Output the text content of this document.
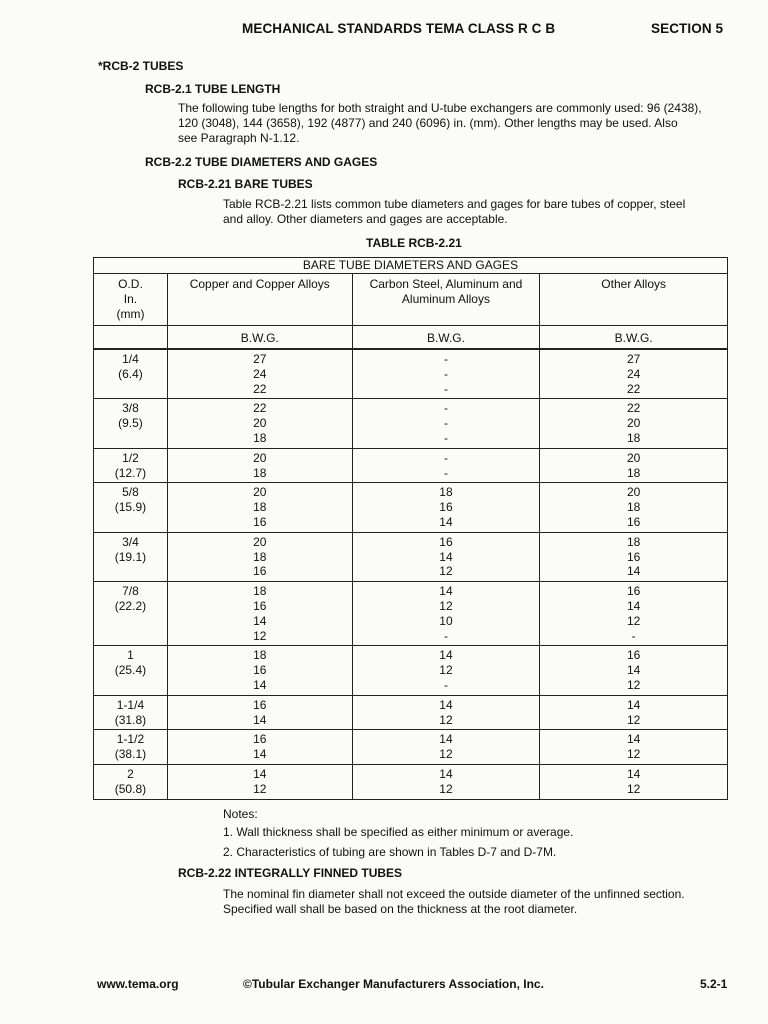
MECHANICAL STANDARDS TEMA CLASS R C B	SECTION 5
*RCB-2 TUBES
RCB-2.1 TUBE LENGTH
The following tube lengths for both straight and U-tube exchangers are commonly used: 96 (2438),
120 (3048), 144 (3658), 192 (4877) and 240 (6096) in. (mm). Other lengths may be used. Also
see Paragraph N-1.12.
RCB-2.2 TUBE DIAMETERS AND GAGES
RCB-2.21 BARE TUBES
Table RCB-2.21 lists common tube diameters and gages for bare tubes of copper, steel
and alloy. Other diameters and gages are acceptable.
TABLE RCB-2.21
BARE TUBE DIAMETERS AND GAGES			

O.D.
In.
(mm)	Copper and Copper Alloys	Carbon Steel, Aluminum and
Aluminum Alloys	Other Alloys

	B.W.G.	B.W.G.	B.W.G.

1/4
(6.4)	27
24
22	-
-
-	27
24
22

3/8
(9.5)	22
20
18	-
-
-	22
20
18

1/2
(12.7)	20
18	-
-	20
18

5/8
(15.9)	20
18
16	18
16
14	20
18
16

3/4
(19.1)	20
18
16	16
14
12	18
16
14

7/8
(22.2)	18
16
14
12	14
12
10
-	16
14
12
-

1
(25.4)	18
16
14	14
12
-	16
14
12

1-1/4
(31.8)	16
14	14
12	14
12

1-1/2
(38.1)	16
14	14
12	14
12

2
(50.8)	14
12	14
12	14
12
Notes:
1. Wall thickness shall be specified as either minimum or average.
2. Characteristics of tubing are shown in Tables D-7 and D-7M.
RCB-2.22 INTEGRALLY FINNED TUBES
The nominal fin diameter shall not exceed the outside diameter of the unfinned section.
Specified wall shall be based on the thickness at the root diameter.
www.tema.org	©Tubular Exchanger Manufacturers Association, Inc.	5.2-1
